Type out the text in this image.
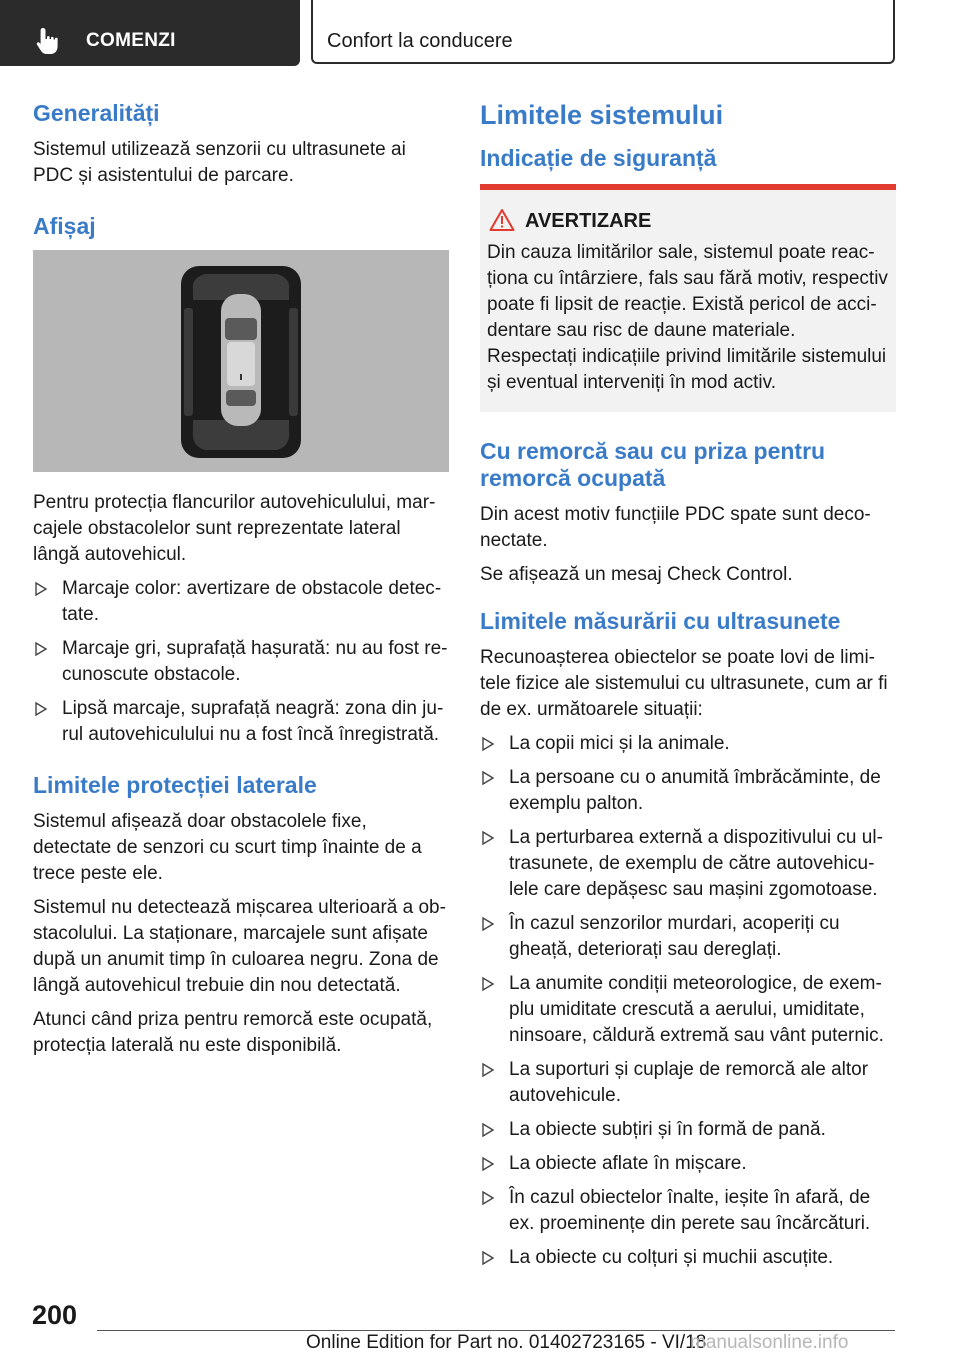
COMENZI	Confort la conducere
Generalități

Sistemul utilizează senzorii cu ultrasunete ai PDC și asistentului de parcare.

Afișaj

Pentru protecția flancurilor autovehiculului, marcajele obstacolelor sunt reprezentate lateral lângă autovehicul.

Marcaje color: avertizare de obstacole detectate.
Marcaje gri, suprafață hașurată: nu au fost recunoscute obstacole.
Lipsă marcaje, suprafață neagră: zona din jurul autovehiculului nu a fost încă înregistrată.
Limitele protecției laterale

Sistemul afișează doar obstacolele fixe, detectate de senzori cu scurt timp înainte de a trece peste ele.

Sistemul nu detectează mișcarea ulterioară a obstacolului. La staționare, marcajele sunt afișate după un anumit timp în culoarea negru. Zona de lângă autovehicul trebuie din nou detectată.

Atunci când priza pentru remorcă este ocupată, protecția laterală nu este disponibilă.

Limitele sistemului
Indicație de siguranță
AVERTIZARE

Din cauza limitărilor sale, sistemul poate reacționa cu întârziere, fals sau fără motiv, respectiv poate fi lipsit de reacție. Există pericol de accidentare sau risc de daune materiale. Respectați indicațiile privind limitările sistemului și eventual interveniți în mod activ.

Cu remorcă sau cu priza pentru remorcă ocupată

Din acest motiv funcțiile PDC spate sunt deconectate.

Se afișează un mesaj Check Control.

Limitele măsurării cu ultrasunete

Recunoașterea obiectelor se poate lovi de limitele fizice ale sistemului cu ultrasunete, cum ar fi de ex. următoarele situații:

La copii mici și la animale.
La persoane cu o anumită îmbrăcăminte, de exemplu palton.
La perturbarea externă a dispozitivului cu ultrasunete, de exemplu de către autovehiculele care depășesc sau mașini zgomotoase.
În cazul senzorilor murdari, acoperiți cu gheață, deteriorați sau dereglați.
La anumite condiții meteorologice, de exemplu umiditate crescută a aerului, umiditate, ninsoare, căldură extremă sau vânt puternic.
La suporturi și cuplaje de remorcă ale altor autovehicule.
La obiecte subțiri și în formă de pană.
La obiecte aflate în mișcare.
În cazul obiectelor înalte, ieșite în afară, de ex. proeminențe din perete sau încărcături.
La obiecte cu colțuri și muchii ascuțite.
200
Online Edition for Part no. 01402723165 - VI/18
manualsonline.info
